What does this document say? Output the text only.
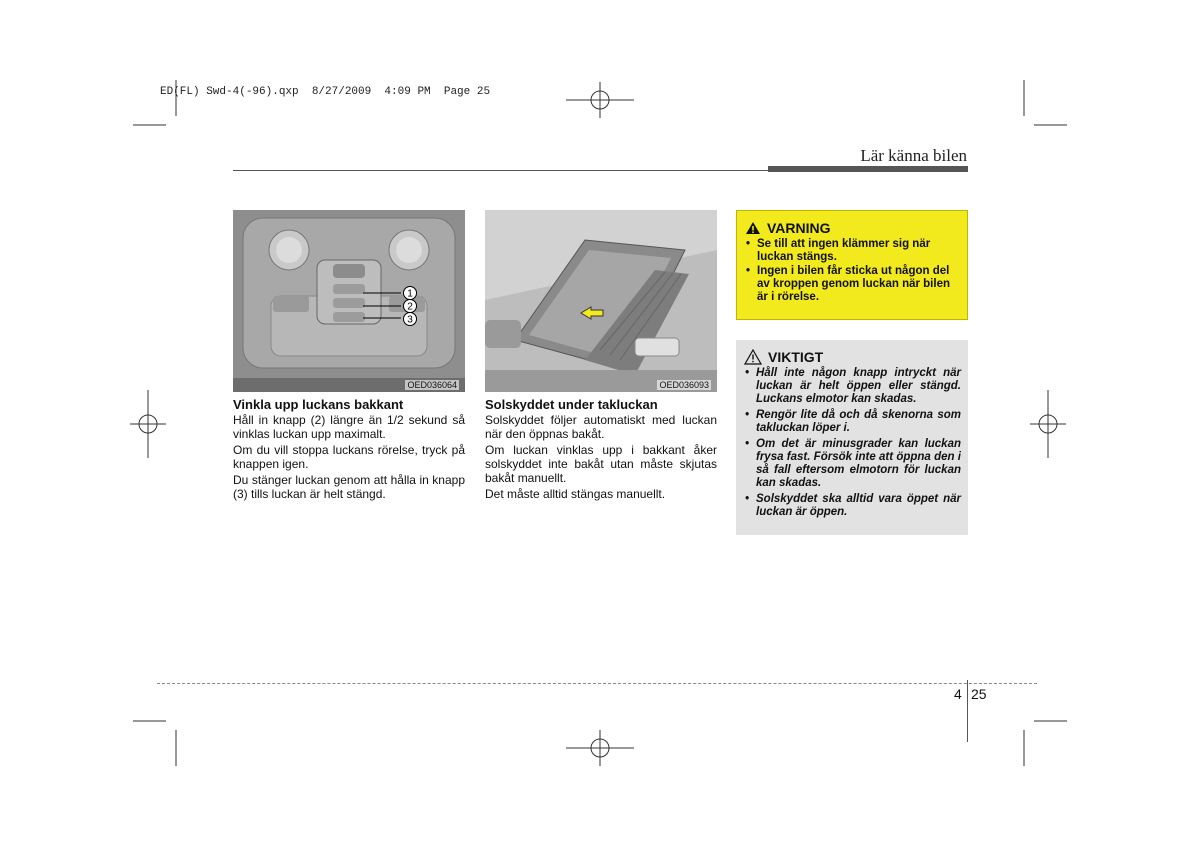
ED(FL) Swd-4(-96).qxp  8/27/2009  4:09 PM  Page 25
Lär känna bilen
1
2
3
OED036064	OED036093
Vinkla upp luckans bakkant

Håll in knapp (2) längre än 1/2 sekund så vinklas luckan upp maximalt.

Om du vill stoppa luckans rörelse, tryck på knappen igen.

Du stänger luckan genom att hålla in knapp (3) tills luckan är helt stängd.

Solskyddet under takluckan

Solskyddet följer automatiskt med luckan när den öppnas bakåt.

Om luckan vinklas upp i bakkant åker solskyddet inte bakåt utan måste skjutas bakåt manuellt.

Det måste alltid stängas manuellt.

VARNING
• Se till att ingen klämmer sig när luckan stängs.
• Ingen i bilen får sticka ut någon del av kroppen genom luckan när bilen är i rörelse.
VIKTIGT
• Håll inte någon knapp intryckt när luckan är helt öppen eller stängd. Luckans elmotor kan skadas.
• Rengör lite då och då skenorna som takluckan löper i.
• Om det är minusgrader kan luckan frysa fast. Försök inte att öppna den i så fall eftersom elmotorn för luckan kan skadas.
• Solskyddet ska alltid vara öppet när luckan är öppen.
4 25
